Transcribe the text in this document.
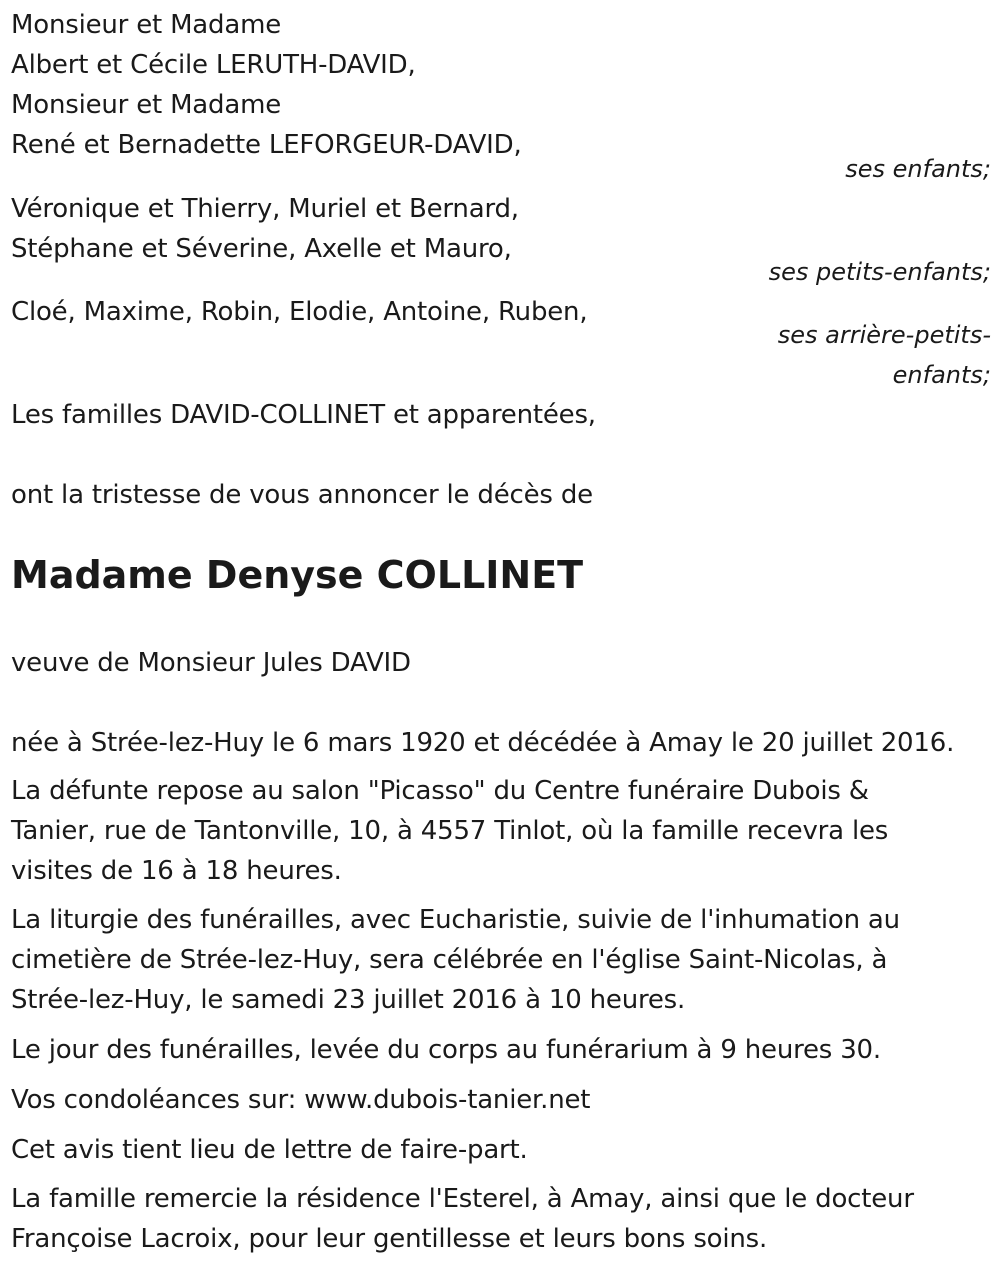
Monsieur et Madame
Albert et Cécile LERUTH-DAVID,
Monsieur et Madame
René et Bernadette LEFORGEUR-DAVID,
ses enfants;
Véronique et Thierry, Muriel et Bernard,
Stéphane et Séverine, Axelle et Mauro,
ses petits-enfants;
Cloé, Maxime, Robin, Elodie, Antoine, Ruben,
ses arrière-petits-
enfants;
Les familles DAVID-COLLINET et apparentées,
ont la tristesse de vous annoncer le décès de
Madame Denyse COLLINET
veuve de Monsieur Jules DAVID
née à Strée-lez-Huy le 6 mars 1920 et décédée à Amay le 20 juillet 2016.
La défunte repose au salon "Picasso" du Centre funéraire Dubois &
Tanier, rue de Tantonville, 10, à 4557 Tinlot, où la famille recevra les
visites de 16 à 18 heures.
La liturgie des funérailles, avec Eucharistie, suivie de l'inhumation au
cimetière de Strée-lez-Huy, sera célébrée en l'église Saint-Nicolas, à
Strée-lez-Huy, le samedi 23 juillet 2016 à 10 heures.
Le jour des funérailles, levée du corps au funérarium à 9 heures 30.
Vos condoléances sur: www.dubois-tanier.net
Cet avis tient lieu de lettre de faire-part.
La famille remercie la résidence l'Esterel, à Amay, ainsi que le docteur
Françoise Lacroix, pour leur gentillesse et leurs bons soins.
